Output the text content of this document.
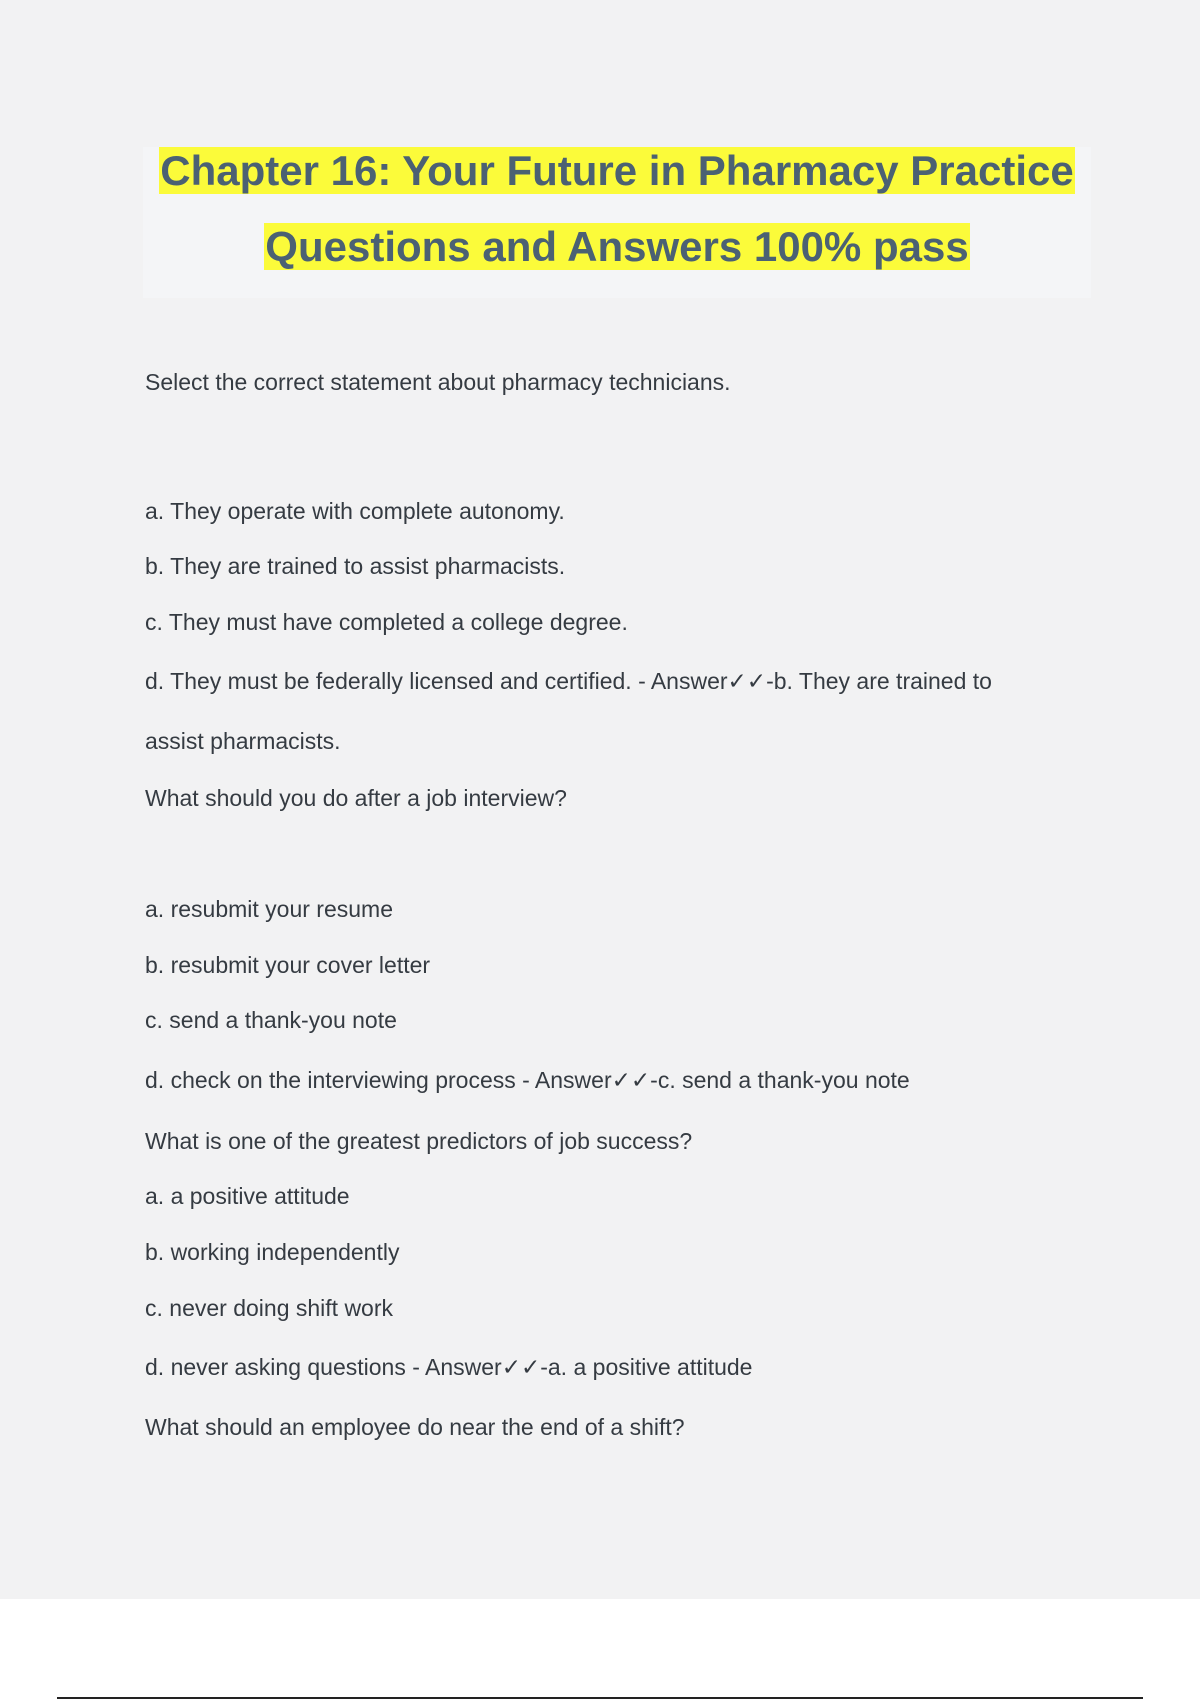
Chapter 16: Your Future in Pharmacy Practice
Questions and Answers 100% pass
Select the correct statement about pharmacy technicians.
a. They operate with complete autonomy.
b. They are trained to assist pharmacists.
c. They must have completed a college degree.
d. They must be federally licensed and certified. - Answer✓✓-b. They are trained to
assist pharmacists.
What should you do after a job interview?
a. resubmit your resume
b. resubmit your cover letter
c. send a thank-you note
d. check on the interviewing process - Answer✓✓-c. send a thank-you note
What is one of the greatest predictors of job success?
a. a positive attitude
b. working independently
c. never doing shift work
d. never asking questions - Answer✓✓-a. a positive attitude
What should an employee do near the end of a shift?
